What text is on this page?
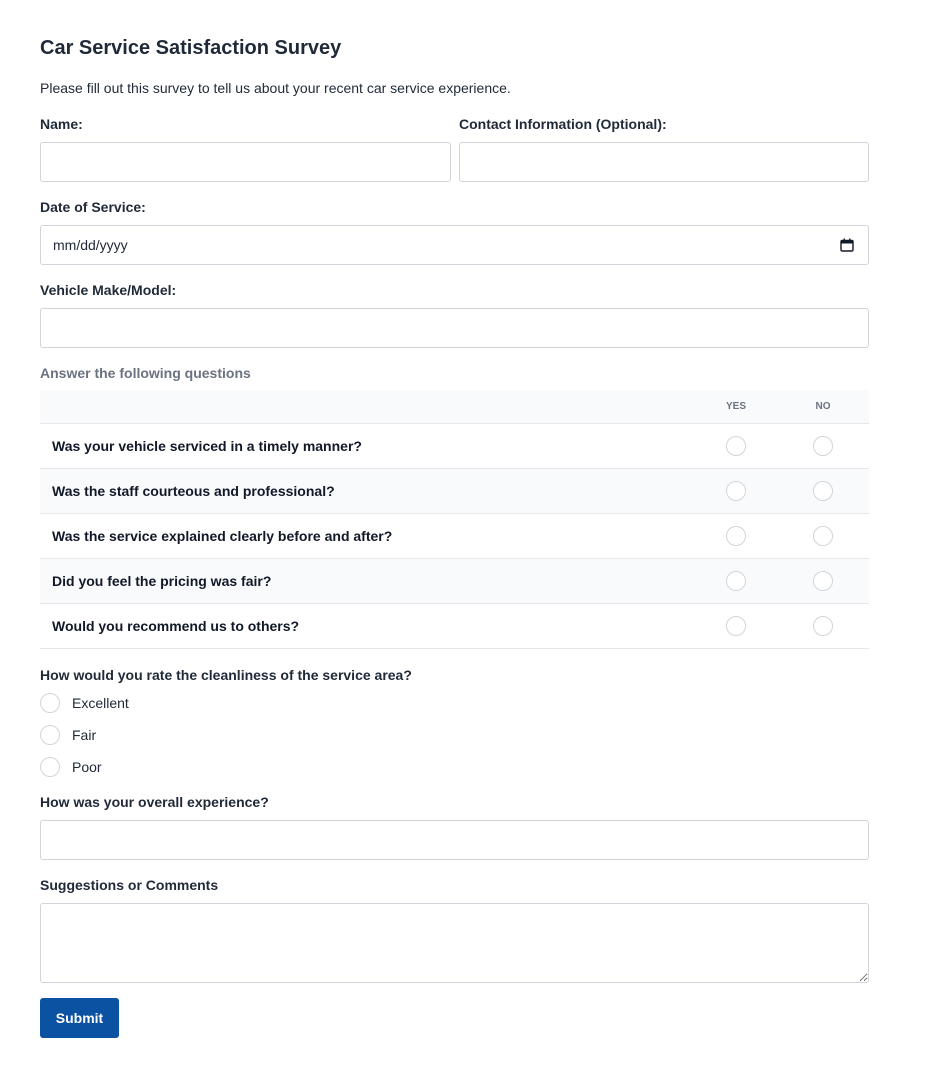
Car Service Satisfaction Survey
Please fill out this survey to tell us about your recent car service experience.
Name:	Contact Information (Optional):
Date of Service:
mm/dd/yyyy
Vehicle Make/Model:
Answer the following questions
YES	NO
Was your vehicle serviced in a timely manner?
Was the staff courteous and professional?
Was the service explained clearly before and after?
Did you feel the pricing was fair?
Would you recommend us to others?
How would you rate the cleanliness of the service area?
Excellent
Fair
Poor
How was your overall experience?
Suggestions or Comments
Submit
